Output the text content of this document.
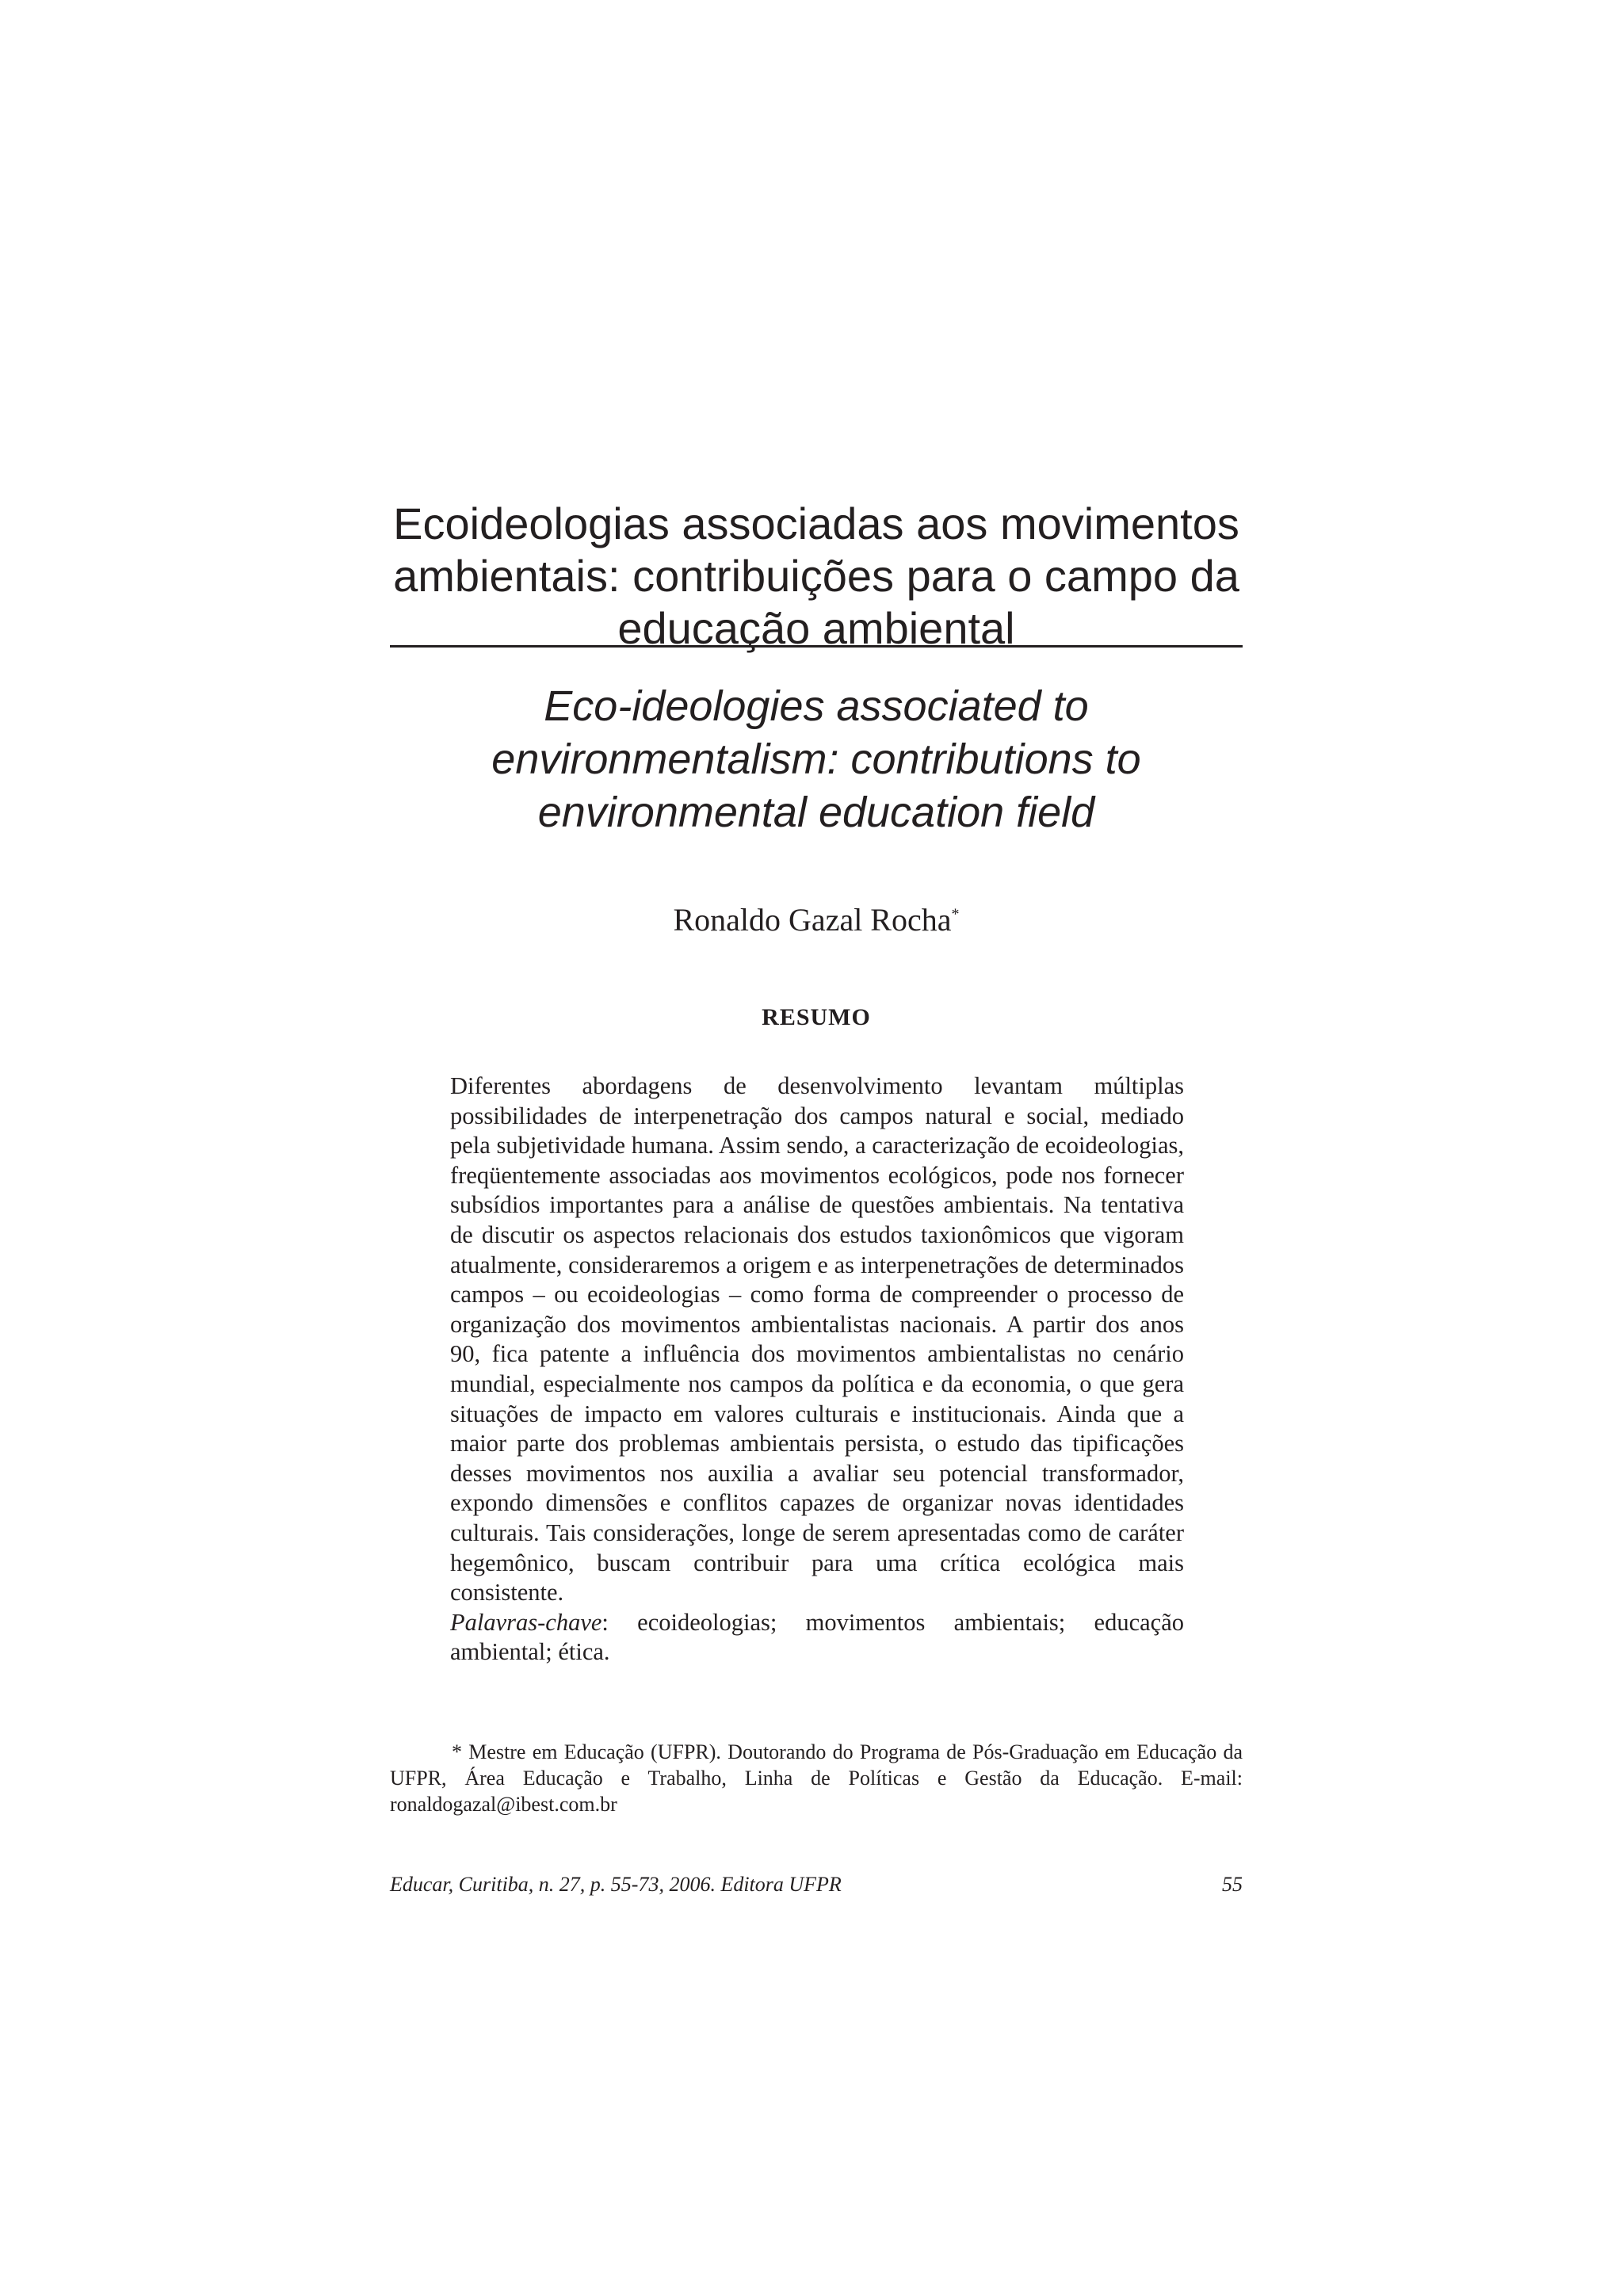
Ecoideologias associadas aos movimentos
ambientais: contribuições para o campo da
educação ambiental
Eco-ideologies associated to
environmentalism: contributions to
environmental education field
Ronaldo Gazal Rocha*
RESUMO

Diferentes abordagens de desenvolvimento levantam múltiplas possibilidades de interpenetração dos campos natural e social, mediado pela subjetividade humana. Assim sendo, a caracterização de ecoideologias, freqüentemente associadas aos movimentos ecológicos, pode nos fornecer subsídios importantes para a análise de questões ambientais. Na tentativa de discutir os aspectos relacionais dos estudos taxionômicos que vigoram atualmente, consideraremos a origem e as interpenetrações de determinados campos – ou ecoideologias – como forma de compreender o processo de organização dos movimentos ambientalistas nacionais. A partir dos anos 90, fica patente a influência dos movimentos ambientalistas no cenário mundial, especialmente nos campos da política e da economia, o que gera situações de impacto em valores culturais e institucionais. Ainda que a maior parte dos problemas ambientais persista, o estudo das tipificações desses movimentos nos auxilia a avaliar seu potencial transformador, expondo dimensões e conflitos capazes de organizar novas identidades culturais. Tais considerações, longe de serem apresentadas como de caráter hegemônico, buscam contribuir para uma crítica ecológica mais consistente.

Palavras-chave: ecoideologias; movimentos ambientais; educação ambiental; ética.

* Mestre em Educação (UFPR). Doutorando do Programa de Pós-Graduação em Educação da UFPR, Área Educação e Trabalho, Linha de Políticas e Gestão da Educação. E-mail: ronaldogazal@ibest.com.br

Educar, Curitiba, n. 27, p. 55-73, 2006. Editora UFPR	55
